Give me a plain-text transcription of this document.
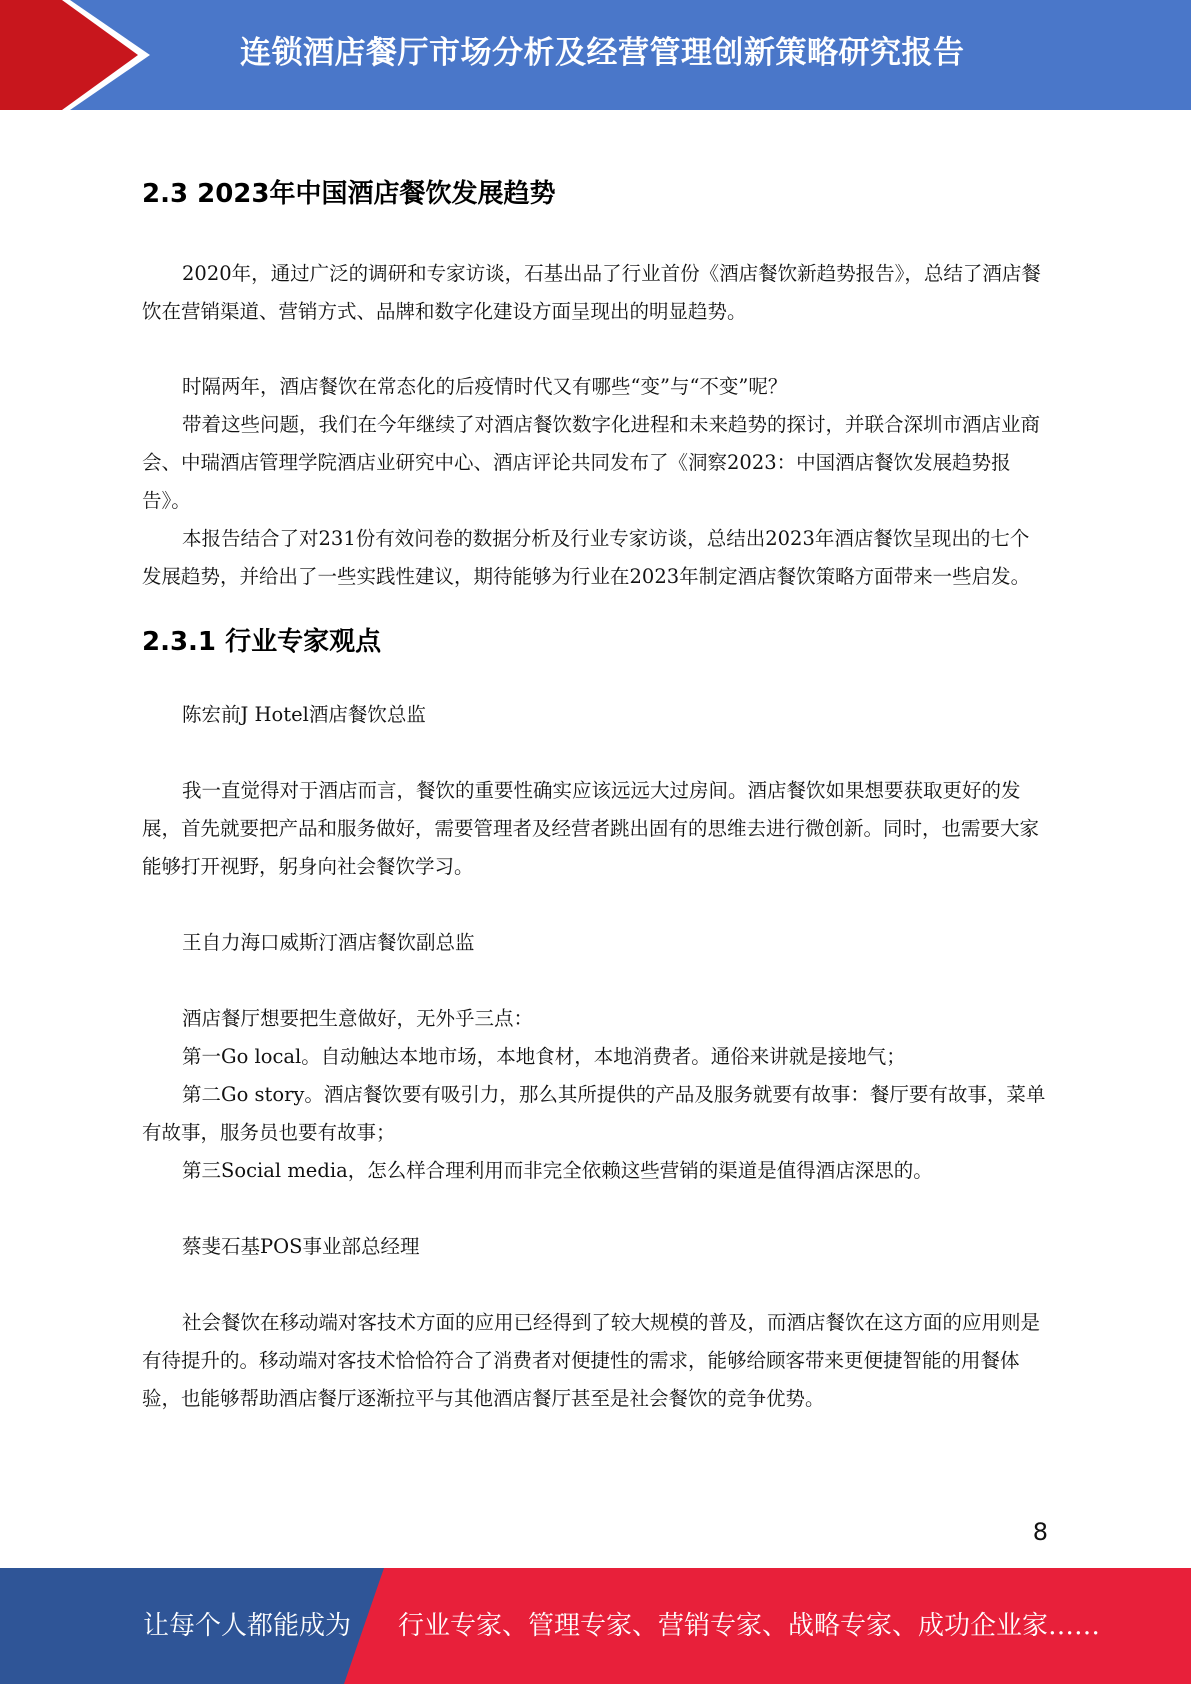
连锁酒店餐厅市场分析及经营管理创新策略研究报告
2.3 2023年中国酒店餐饮发展趋势

2020年，通过广泛的调研和专家访谈，石基出品了行业首份《酒店餐饮新趋势报告》，总结了酒店餐饮在营销渠道、营销方式、品牌和数字化建设方面呈现出的明显趋势。

时隔两年，酒店餐饮在常态化的后疫情时代又有哪些“变”与“不变”呢？

带着这些问题，我们在今年继续了对酒店餐饮数字化进程和未来趋势的探讨，并联合深圳市酒店业商会、中瑞酒店管理学院酒店业研究中心、酒店评论共同发布了《洞察2023：中国酒店餐饮发展趋势报告》。

本报告结合了对231份有效问卷的数据分析及行业专家访谈，总结出2023年酒店餐饮呈现出的七个发展趋势，并给出了一些实践性建议，期待能够为行业在2023年制定酒店餐饮策略方面带来一些启发。

2.3.1 行业专家观点

陈宏前J Hotel酒店餐饮总监

我一直觉得对于酒店而言，餐饮的重要性确实应该远远大过房间。酒店餐饮如果想要获取更好的发展，首先就要把产品和服务做好，需要管理者及经营者跳出固有的思维去进行微创新。同时，也需要大家能够打开视野，躬身向社会餐饮学习。

王自力海口威斯汀酒店餐饮副总监

酒店餐厅想要把生意做好，无外乎三点：

第一Go local。自动触达本地市场，本地食材，本地消费者。通俗来讲就是接地气；

第二Go story。酒店餐饮要有吸引力，那么其所提供的产品及服务就要有故事：餐厅要有故事，菜单有故事，服务员也要有故事；

第三Social media，怎么样合理利用而非完全依赖这些营销的渠道是值得酒店深思的。

蔡斐石基POS事业部总经理

社会餐饮在移动端对客技术方面的应用已经得到了较大规模的普及，而酒店餐饮在这方面的应用则是有待提升的。移动端对客技术恰恰符合了消费者对便捷性的需求，能够给顾客带来更便捷智能的用餐体验，也能够帮助酒店餐厅逐渐拉平与其他酒店餐厅甚至是社会餐饮的竞争优势。

8
让每个人都能成为 行业专家、管理专家、营销专家、战略专家、成功企业家……
